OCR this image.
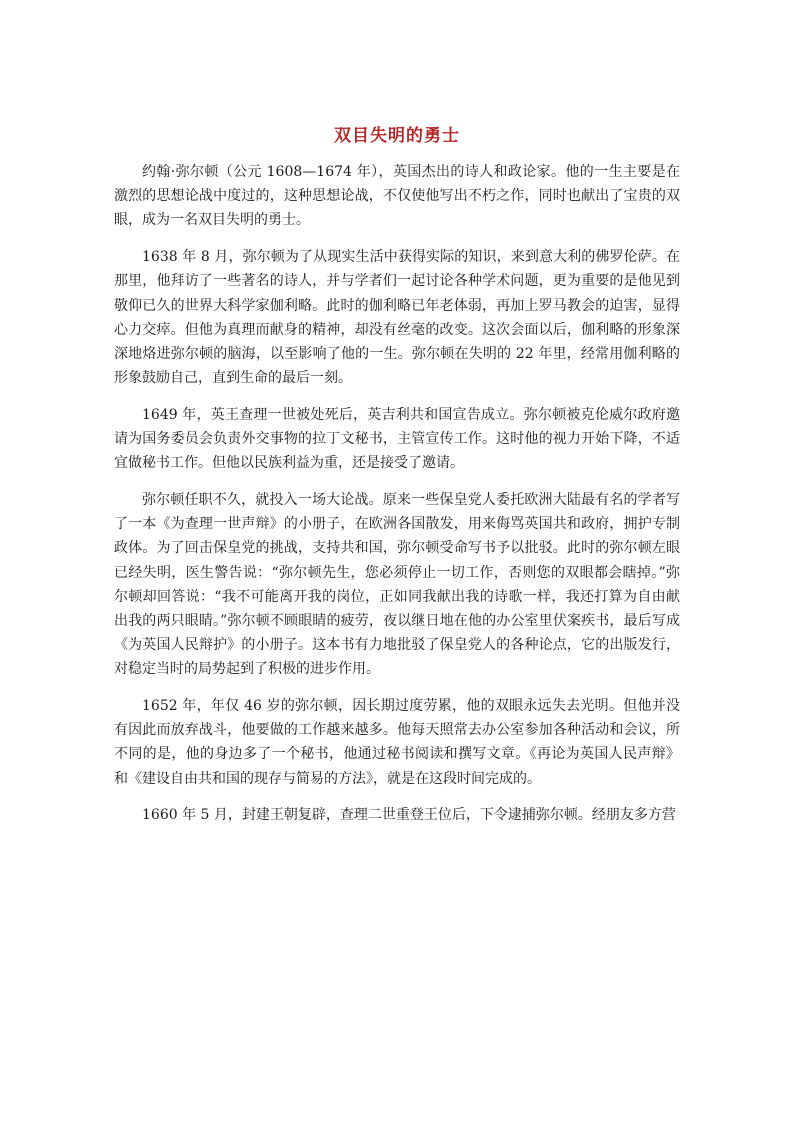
双目失明的勇士

约翰·弥尔顿（公元 1608—1674 年），英国杰出的诗人和政论家。他的一生主要是在激烈的思想论战中度过的，这种思想论战，不仅使他写出不朽之作，同时也献出了宝贵的双眼，成为一名双目失明的勇士。

1638 年 8 月，弥尔顿为了从现实生活中获得实际的知识，来到意大利的佛罗伦萨。在那里，他拜访了一些著名的诗人，并与学者们一起讨论各种学术问题，更为重要的是他见到敬仰已久的世界大科学家伽利略。此时的伽利略已年老体弱，再加上罗马教会的迫害，显得心力交瘁。但他为真理而献身的精神，却没有丝毫的改变。这次会面以后，伽利略的形象深深地烙进弥尔顿的脑海，以至影响了他的一生。弥尔顿在失明的 22 年里，经常用伽利略的形象鼓励自己，直到生命的最后一刻。

1649 年，英王查理一世被处死后，英吉利共和国宣告成立。弥尔顿被克伦威尔政府邀请为国务委员会负责外交事物的拉丁文秘书，主管宣传工作。这时他的视力开始下降，不适宜做秘书工作。但他以民族利益为重，还是接受了邀请。

弥尔顿任职不久，就投入一场大论战。原来一些保皇党人委托欧洲大陆最有名的学者写了一本《为查理一世声辩》的小册子，在欧洲各国散发，用来侮骂英国共和政府，拥护专制政体。为了回击保皇党的挑战，支持共和国，弥尔顿受命写书予以批驳。此时的弥尔顿左眼已经失明，医生警告说：“弥尔顿先生，您必须停止一切工作，否则您的双眼都会瞎掉。”弥尔顿却回答说：“我不可能离开我的岗位，正如同我献出我的诗歌一样，我还打算为自由献出我的两只眼睛。”弥尔顿不顾眼睛的疲劳，夜以继日地在他的办公室里伏案疾书，最后写成《为英国人民辩护》的小册子。这本书有力地批驳了保皇党人的各种论点，它的出版发行，对稳定当时的局势起到了积极的进步作用。

1652 年，年仅 46 岁的弥尔顿，因长期过度劳累，他的双眼永远失去光明。但他并没有因此而放弃战斗，他要做的工作越来越多。他每天照常去办公室参加各种活动和会议，所不同的是，他的身边多了一个秘书，他通过秘书阅读和撰写文章。《再论为英国人民声辩》和《建设自由共和国的现存与简易的方法》，就是在这段时间完成的。

1660 年 5 月，封建王朝复辟，查理二世重登王位后，下令逮捕弥尔顿。经朋友多方营
